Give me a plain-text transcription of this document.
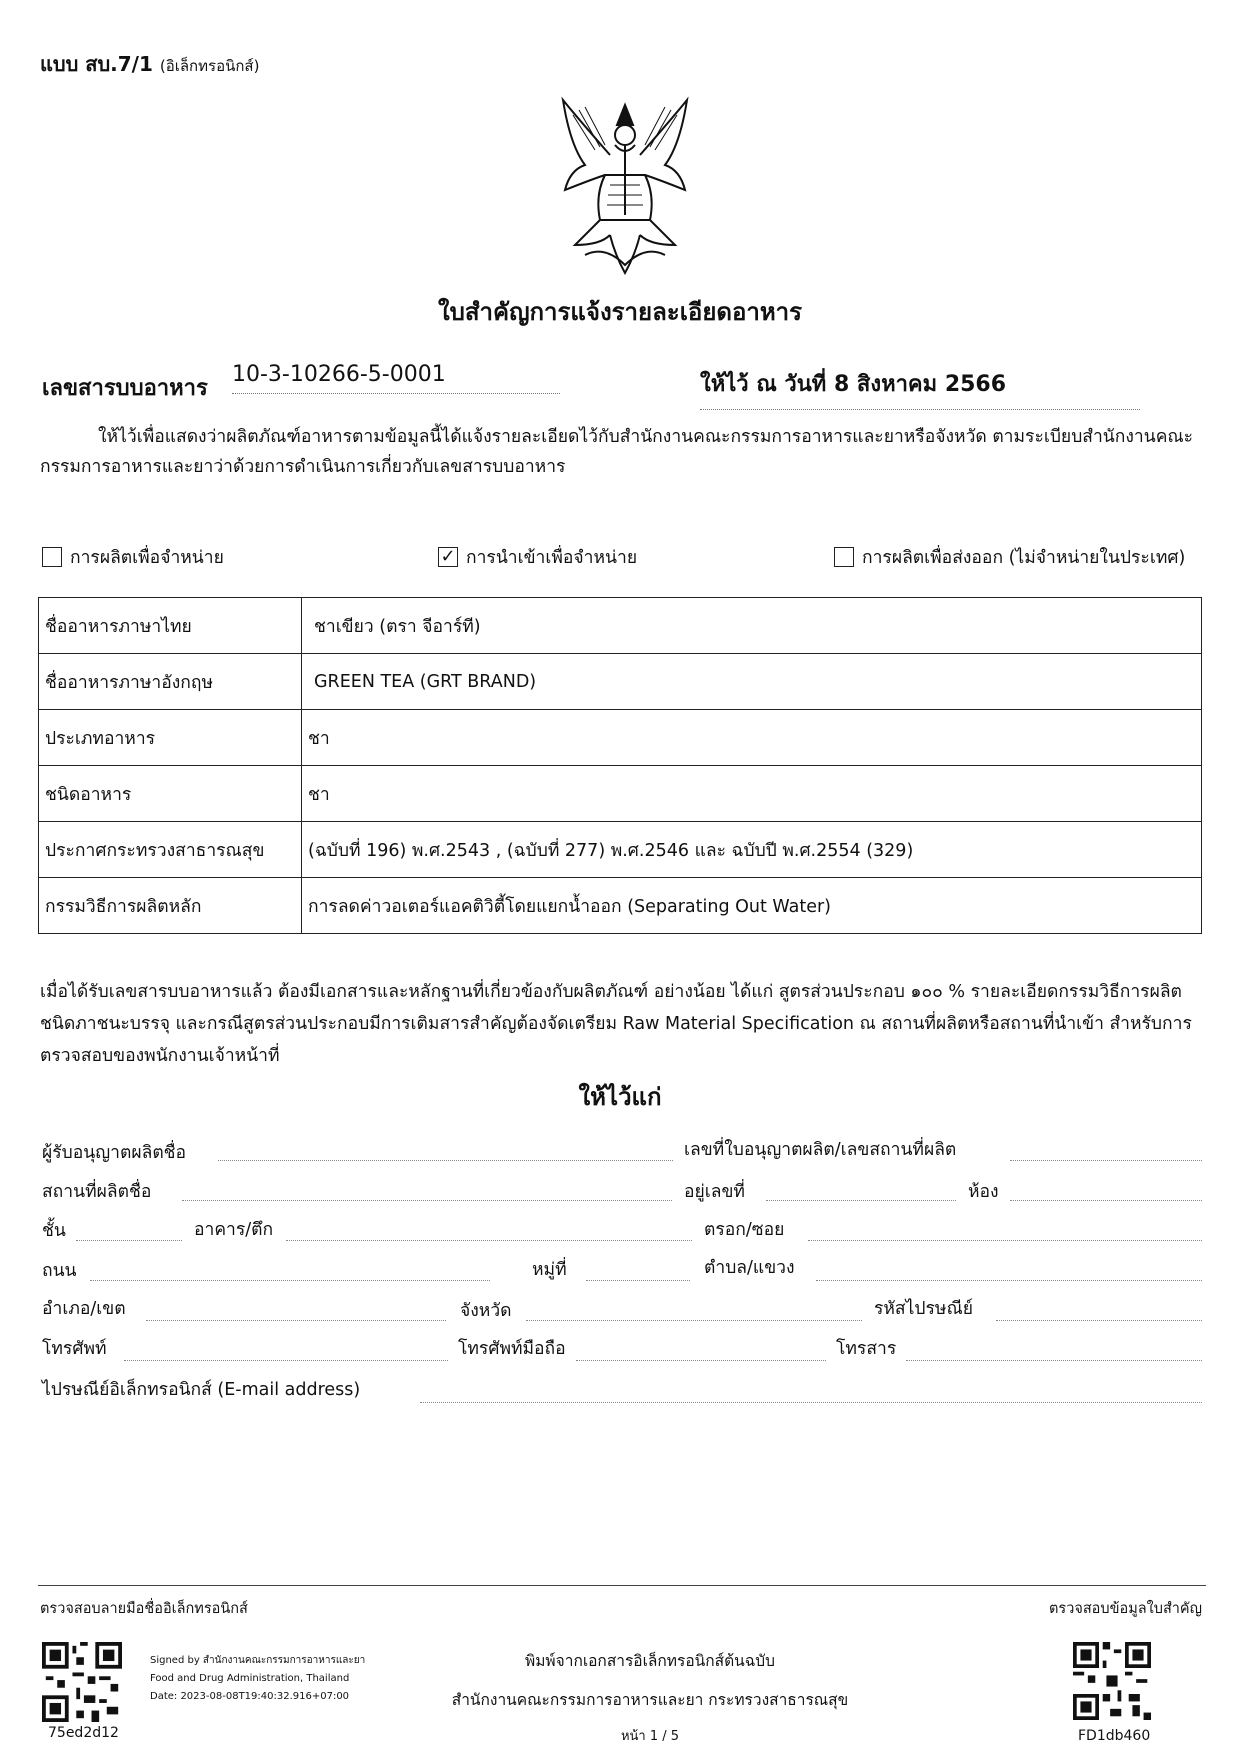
แบบ สบ.7/1 (อิเล็กทรอนิกส์)
ใบสำคัญการแจ้งรายละเอียดอาหาร
เลขสารบบอาหาร
10-3-10266-5-0001	ให้ไว้ ณ วันที่ 8 สิงหาคม 2566
ให้ไว้เพื่อแสดงว่าผลิตภัณฑ์อาหารตามข้อมูลนี้ได้แจ้งรายละเอียดไว้กับสำนักงานคณะกรรมการอาหารและยาหรือจังหวัด ตามระเบียบสำนักงานคณะกรรมการอาหารและยาว่าด้วยการดำเนินการเกี่ยวกับเลขสารบบอาหาร
การผลิตเพื่อจำหน่าย	✓ การนำเข้าเพื่อจำหน่าย	การผลิตเพื่อส่งออก (ไม่จำหน่ายในประเทศ)
ชื่ออาหารภาษาไทย	ชาเขียว (ตรา จีอาร์ที)
ชื่ออาหารภาษาอังกฤษ	GREEN TEA (GRT BRAND)
ประเภทอาหาร	ชา
ชนิดอาหาร	ชา
ประกาศกระทรวงสาธารณสุข	(ฉบับที่ 196) พ.ศ.2543 , (ฉบับที่ 277) พ.ศ.2546 และ ฉบับปี พ.ศ.2554 (329)
กรรมวิธีการผลิตหลัก	การลดค่าวอเตอร์แอคติวิตี้โดยแยกน้ำออก (Separating Out Water)
เมื่อได้รับเลขสารบบอาหารแล้ว ต้องมีเอกสารและหลักฐานที่เกี่ยวข้องกับผลิตภัณฑ์ อย่างน้อย ได้แก่ สูตรส่วนประกอบ ๑๐๐ % รายละเอียดกรรมวิธีการผลิต ชนิดภาชนะบรรจุ และกรณีสูตรส่วนประกอบมีการเติมสารสำคัญต้องจัดเตรียม Raw Material Specification ณ สถานที่ผลิตหรือสถานที่นำเข้า สำหรับการตรวจสอบของพนักงานเจ้าหน้าที่
ให้ไว้แก่
ผู้รับอนุญาตผลิตชื่อ	เลขที่ใบอนุญาตผลิต/เลขสถานที่ผลิต
สถานที่ผลิตชื่อ	อยู่เลขที่	ห้อง
ชั้น	อาคาร/ตึก	ตรอก/ซอย
ถนน	หมู่ที่	ตำบล/แขวง
อำเภอ/เขต	จังหวัด	รหัสไปรษณีย์
โทรศัพท์	โทรศัพท์มือถือ	โทรสาร
ไปรษณีย์อิเล็กทรอนิกส์ (E-mail address)
ตรวจสอบลายมือชื่ออิเล็กทรอนิกส์	ตรวจสอบข้อมูลใบสำคัญ
75ed2d12
Signed by สำนักงานคณะกรรมการอาหารและยา
Food and Drug Administration, Thailand
Date: 2023-08-08T19:40:32.916+07:00
พิมพ์จากเอกสารอิเล็กทรอนิกส์ต้นฉบับ
สำนักงานคณะกรรมการอาหารและยา กระทรวงสาธารณสุข
หน้า 1 / 5	FD1db460
